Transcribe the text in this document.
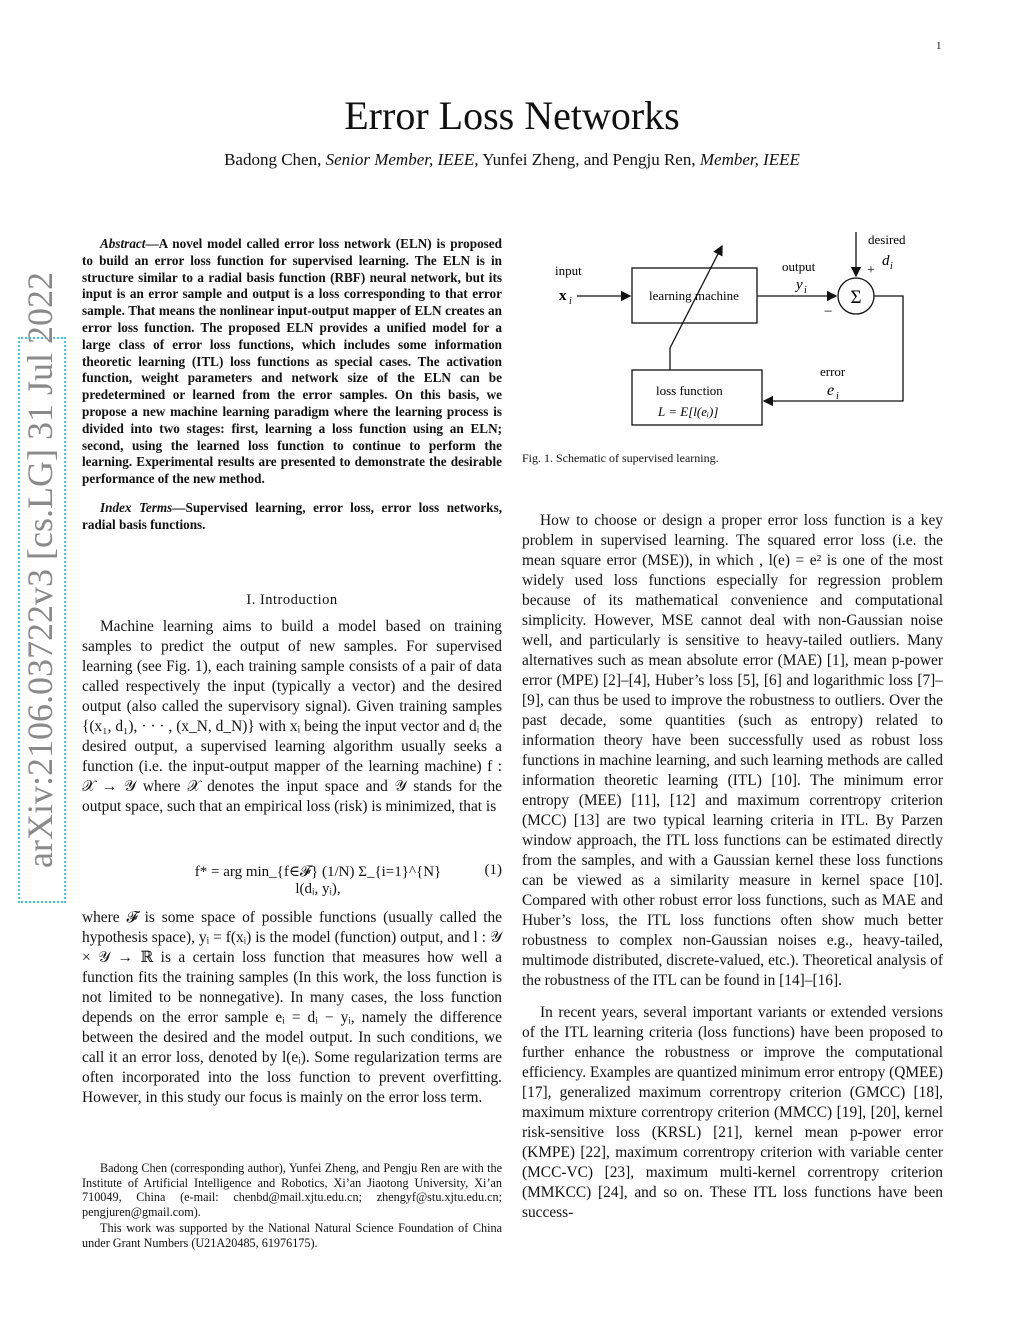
1
arXiv:2106.03722v3 [cs.LG] 31 Jul 2022
Error Loss Networks
Badong Chen, Senior Member, IEEE, Yunfei Zheng, and Pengju Ren, Member, IEEE

Abstract—A novel model called error loss network (ELN) is proposed to build an error loss function for supervised learning. The ELN is in structure similar to a radial basis function (RBF) neural network, but its input is an error sample and output is a loss corresponding to that error sample. That means the nonlinear input-output mapper of ELN creates an error loss function. The proposed ELN provides a unified model for a large class of error loss functions, which includes some information theoretic learning (ITL) loss functions as special cases. The activation function, weight parameters and network size of the ELN can be predetermined or learned from the error samples. On this basis, we propose a new machine learning paradigm where the learning process is divided into two stages: first, learning a loss function using an ELN; second, using the learned loss function to continue to perform the learning. Experimental results are presented to demonstrate the desirable performance of the new method.

Index Terms—Supervised learning, error loss, error loss networks, radial basis functions.

I. Introduction

Machine learning aims to build a model based on training samples to predict the output of new samples. For supervised learning (see Fig. 1), each training sample consists of a pair of data called respectively the input (typically a vector) and the desired output (also called the supervisory signal). Given training samples {(x₁, d₁), · · · , (x_N, d_N)} with xᵢ being the input vector and dᵢ the desired output, a supervised learning algorithm usually seeks a function (i.e. the input-output mapper of the learning machine) f : 𝒳 → 𝒴 where 𝒳 denotes the input space and 𝒴 stands for the output space, such that an empirical loss (risk) is minimized, that is

f* = arg min_{f∈𝓕} (1/N) Σ_{i=1}^{N} l(dᵢ, yᵢ),
(1)

where 𝓕 is some space of possible functions (usually called the hypothesis space), yᵢ = f(xᵢ) is the model (function) output, and l : 𝒴 × 𝒴 → ℝ is a certain loss function that measures how well a function fits the training samples (In this work, the loss function is not limited to be nonnegative). In many cases, the loss function depends on the error sample eᵢ = dᵢ − yᵢ, namely the difference between the desired and the model output. In such conditions, we call it an error loss, denoted by l(eᵢ). Some regularization terms are often incorporated into the loss function to prevent overfitting. However, in this study our focus is mainly on the error loss term.

Badong Chen (corresponding author), Yunfei Zheng, and Pengju Ren are with the Institute of Artificial Intelligence and Robotics, Xi’an Jiaotong University, Xi’an 710049, China (e-mail: chenbd@mail.xjtu.edu.cn; zhengyf@stu.xjtu.edu.cn; pengjuren@gmail.com).

This work was supported by the National Natural Science Foundation of China under Grant Numbers (U21A20485, 61976175).

input
x i	learning machine
output
y i Σ
desired
d i
+
−
error
e i
loss function
L = E[l(eᵢ)]
Fig. 1. Schematic of supervised learning.

How to choose or design a proper error loss function is a key problem in supervised learning. The squared error loss (i.e. the mean square error (MSE)), in which , l(e) = e² is one of the most widely used loss functions especially for regression problem because of its mathematical convenience and computational simplicity. However, MSE cannot deal with non-Gaussian noise well, and particularly is sensitive to heavy-tailed outliers. Many alternatives such as mean absolute error (MAE) [1], mean p-power error (MPE) [2]–[4], Huber’s loss [5], [6] and logarithmic loss [7]–[9], can thus be used to improve the robustness to outliers. Over the past decade, some quantities (such as entropy) related to information theory have been successfully used as robust loss functions in machine learning, and such learning methods are called information theoretic learning (ITL) [10]. The minimum error entropy (MEE) [11], [12] and maximum correntropy criterion (MCC) [13] are two typical learning criteria in ITL. By Parzen window approach, the ITL loss functions can be estimated directly from the samples, and with a Gaussian kernel these loss functions can be viewed as a similarity measure in kernel space [10]. Compared with other robust error loss functions, such as MAE and Huber’s loss, the ITL loss functions often show much better robustness to complex non-Gaussian noises e.g., heavy-tailed, multimode distributed, discrete-valued, etc.). Theoretical analysis of the robustness of the ITL can be found in [14]–[16].

In recent years, several important variants or extended versions of the ITL learning criteria (loss functions) have been proposed to further enhance the robustness or improve the computational efficiency. Examples are quantized minimum error entropy (QMEE) [17], generalized maximum correntropy criterion (GMCC) [18], maximum mixture correntropy criterion (MMCC) [19], [20], kernel risk-sensitive loss (KRSL) [21], kernel mean p-power error (KMPE) [22], maximum correntropy criterion with variable center (MCC-VC) [23], maximum multi-kernel correntropy criterion (MMKCC) [24], and so on. These ITL loss functions have been success-
